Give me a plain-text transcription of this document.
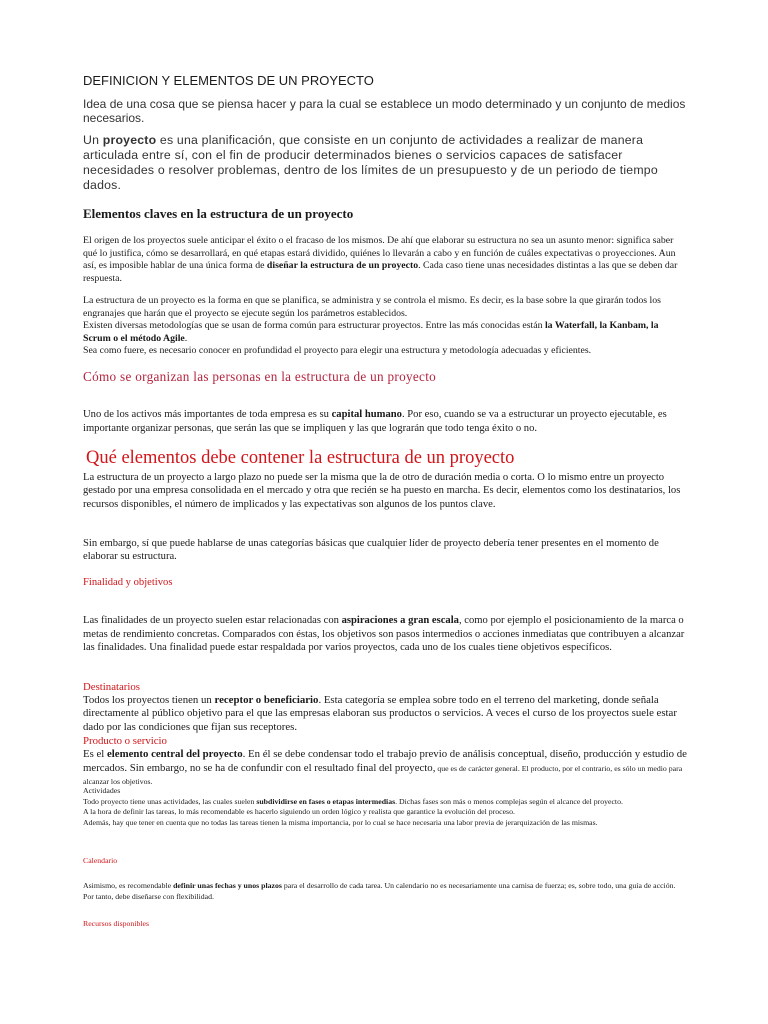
DEFINICION Y ELEMENTOS DE UN PROYECTO

Idea de una cosa que se piensa hacer y para la cual se establece un modo determinado y un conjunto de medios necesarios.

Un proyecto es una planificación, que consiste en un conjunto de actividades a realizar de manera articulada entre sí, con el fin de producir determinados bienes o servicios capaces de satisfacer necesidades o resolver problemas, dentro de los límites de un presupuesto y de un periodo de tiempo dados.

Elementos claves en la estructura de un proyecto

El origen de los proyectos suele anticipar el éxito o el fracaso de los mismos. De ahí que elaborar su estructura no sea un asunto menor: significa saber qué lo justifica, cómo se desarrollará, en qué etapas estará dividido, quiénes lo llevarán a cabo y en función de cuáles expectativas o proyecciones. Aun así, es imposible hablar de una única forma de diseñar la estructura de un proyecto. Cada caso tiene unas necesidades distintas a las que se deben dar respuesta.

La estructura de un proyecto es la forma en que se planifica, se administra y se controla el mismo. Es decir, es la base sobre la que girarán todos los engranajes que harán que el proyecto se ejecute según los parámetros establecidos.

Existen diversas metodologías que se usan de forma común para estructurar proyectos. Entre las más conocidas están la Waterfall, la Kanbam, la Scrum o el método Agile.

Sea como fuere, es necesario conocer en profundidad el proyecto para elegir una estructura y metodología adecuadas y eficientes.

Cómo se organizan las personas en la estructura de un proyecto

Uno de los activos más importantes de toda empresa es su capital humano. Por eso, cuando se va a estructurar un proyecto ejecutable, es importante organizar personas, que serán las que se impliquen y las que lograrán que todo tenga éxito o no.

Qué elementos debe contener la estructura de un proyecto

La estructura de un proyecto a largo plazo no puede ser la misma que la de otro de duración media o corta. O lo mismo entre un proyecto gestado por una empresa consolidada en el mercado y otra que recién se ha puesto en marcha. Es decir, elementos como los destinatarios, los recursos disponibles, el número de implicados y las expectativas son algunos de los puntos clave.

Sin embargo, sí que puede hablarse de unas categorías básicas que cualquier líder de proyecto debería tener presentes en el momento de elaborar su estructura.

Finalidad y objetivos

Las finalidades de un proyecto suelen estar relacionadas con aspiraciones a gran escala, como por ejemplo el posicionamiento de la marca o metas de rendimiento concretas. Comparados con éstas, los objetivos son pasos intermedios o acciones inmediatas que contribuyen a alcanzar las finalidades. Una finalidad puede estar respaldada por varios proyectos, cada uno de los cuales tiene objetivos específicos.

Destinatarios

Todos los proyectos tienen un receptor o beneficiario. Esta categoría se emplea sobre todo en el terreno del marketing, donde señala directamente al público objetivo para el que las empresas elaboran sus productos o servicios. A veces el curso de los proyectos suele estar dado por las condiciones que fijan sus receptores.

Producto o servicio

Es el elemento central del proyecto. En él se debe condensar todo el trabajo previo de análisis conceptual, diseño, producción y estudio de mercados. Sin embargo, no se ha de confundir con el resultado final del proyecto, que es de carácter general. El producto, por el contrario, es sólo un medio para alcanzar los objetivos.

Actividades

Todo proyecto tiene unas actividades, las cuales suelen subdividirse en fases o etapas intermedias. Dichas fases son más o menos complejas según el alcance del proyecto.

A la hora de definir las tareas, lo más recomendable es hacerlo siguiendo un orden lógico y realista que garantice la evolución del proceso.

Además, hay que tener en cuenta que no todas las tareas tienen la misma importancia, por lo cual se hace necesaria una labor previa de jerarquización de las mismas.

Calendario

Asimismo, es recomendable definir unas fechas y unos plazos para el desarrollo de cada tarea. Un calendario no es necesariamente una camisa de fuerza; es, sobre todo, una guía de acción. Por tanto, debe diseñarse con flexibilidad.

Recursos disponibles
